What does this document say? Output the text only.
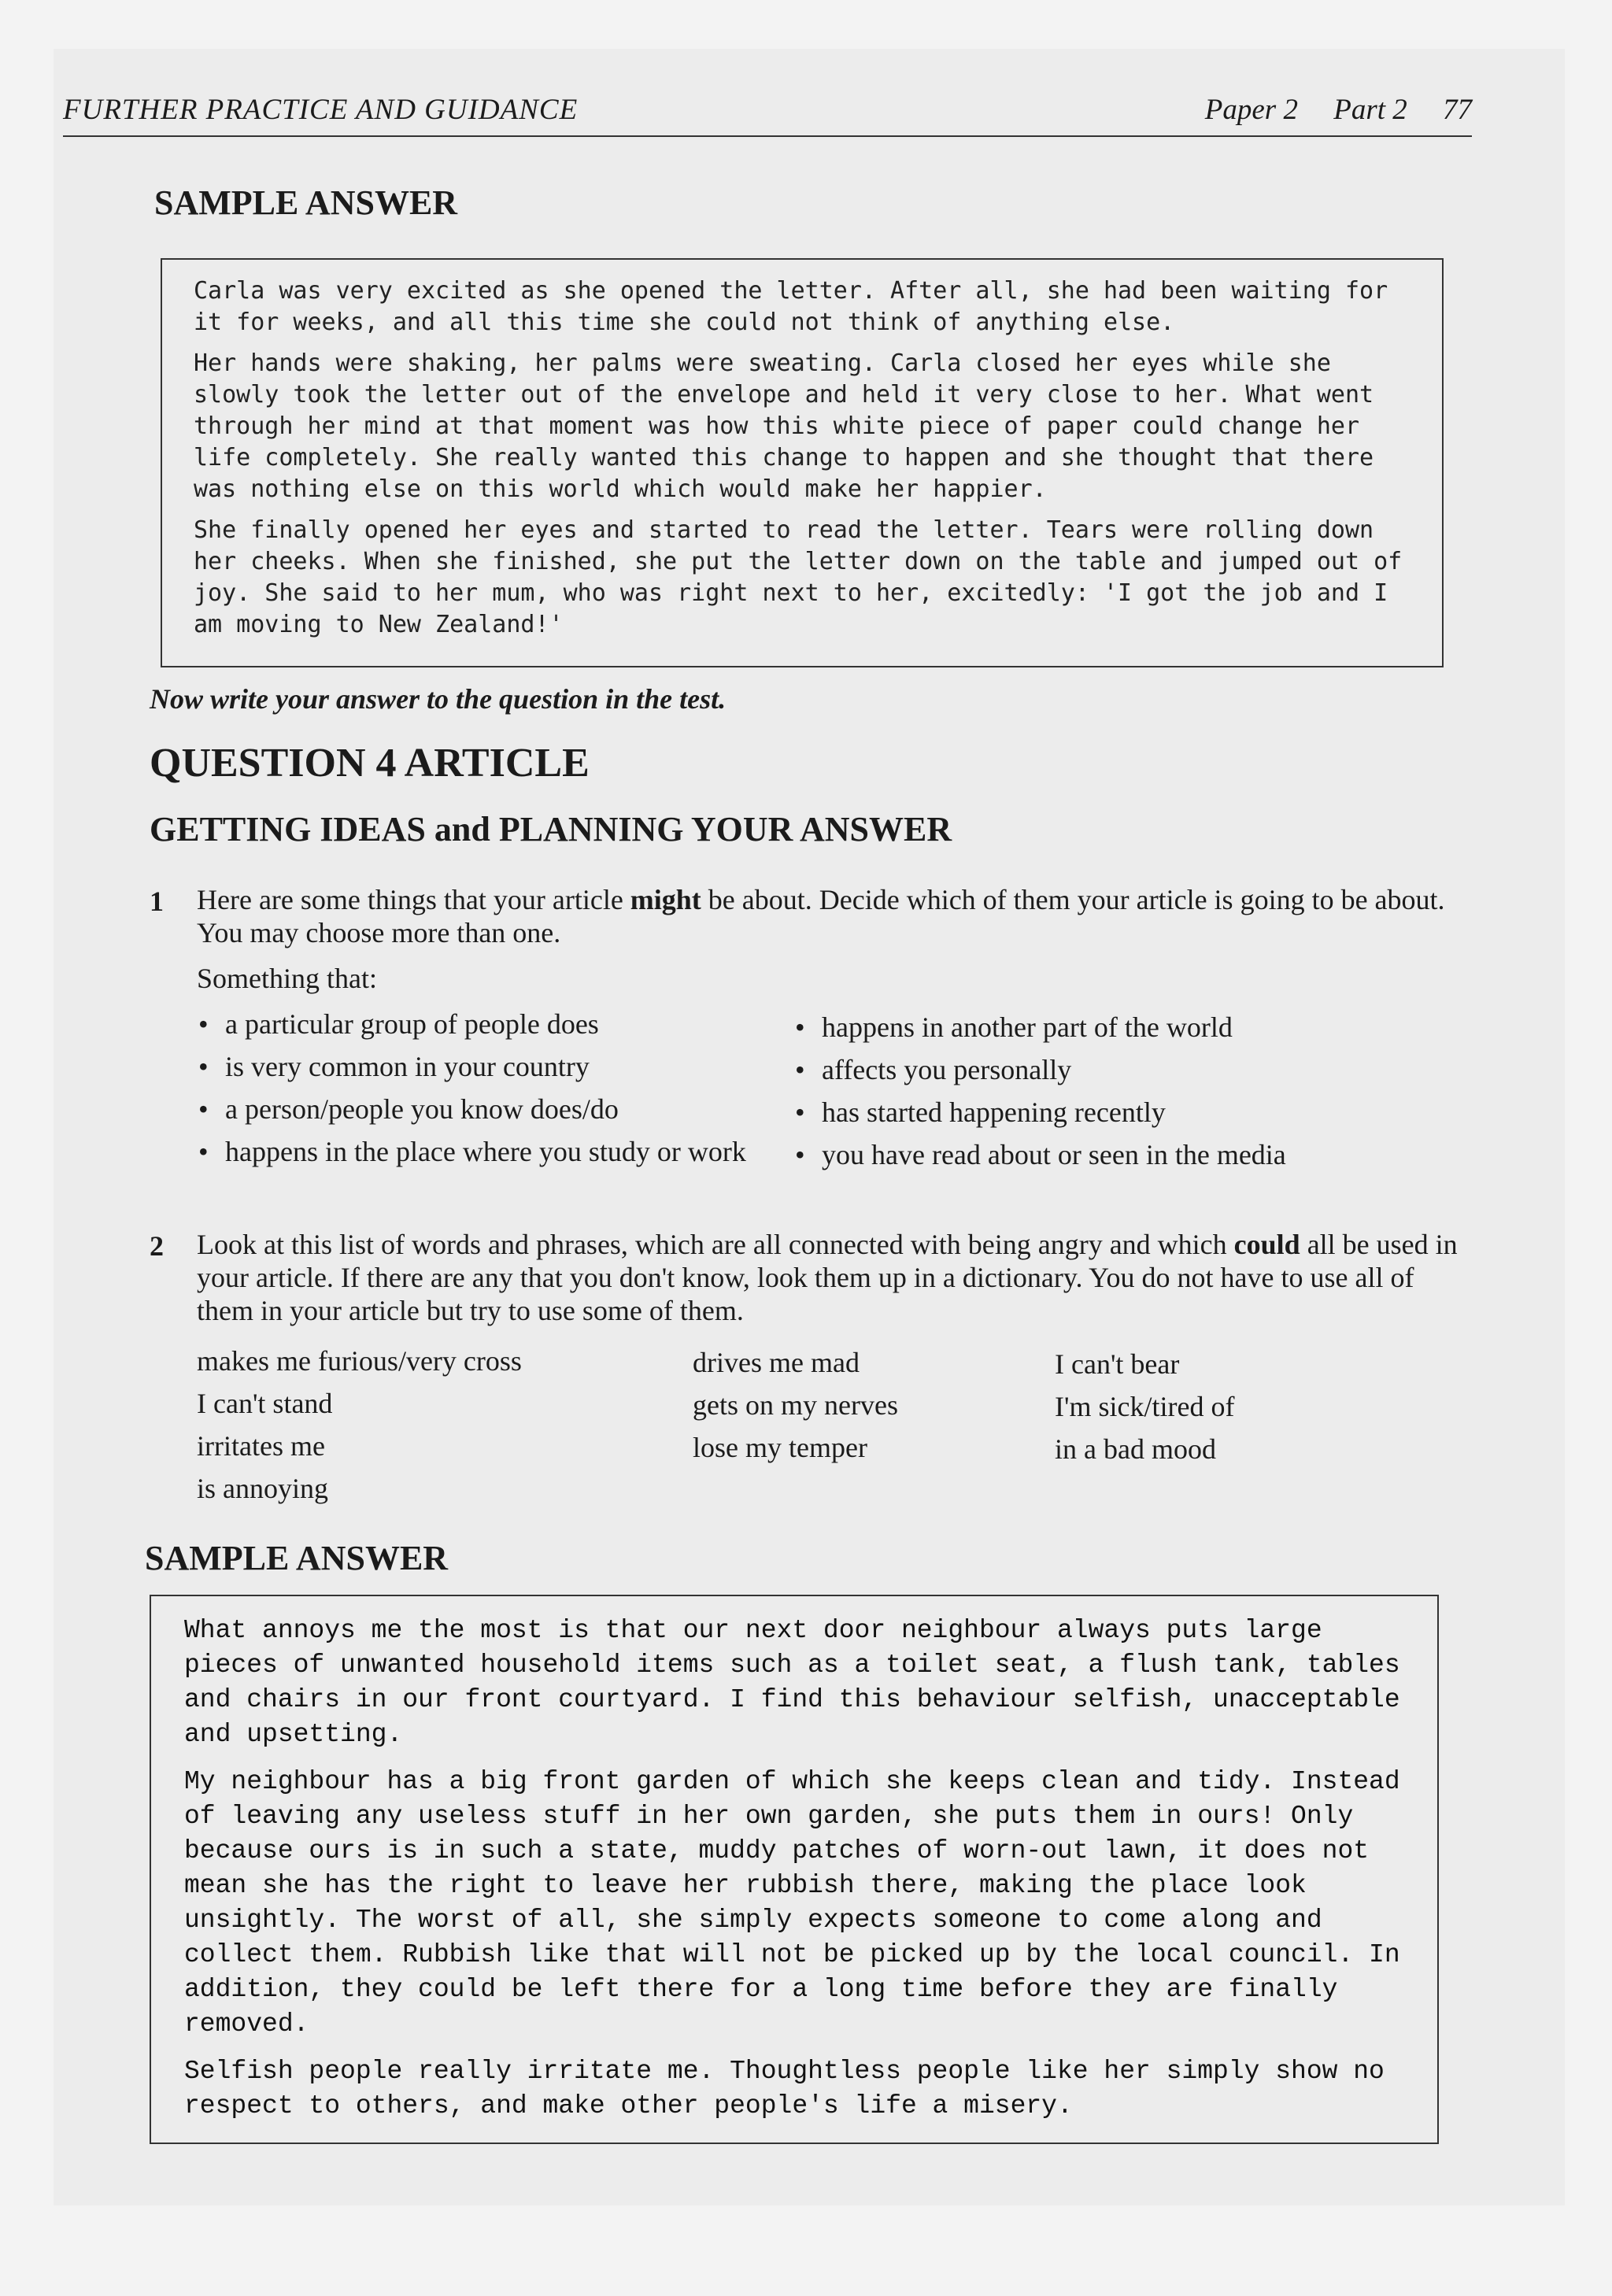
FURTHER PRACTICE AND GUIDANCE	Paper 2 Part 2 77
SAMPLE ANSWER

Carla was very excited as she opened the letter. After all, she had been waiting for it for weeks, and all this time she could not think of anything else.

Her hands were shaking, her palms were sweating. Carla closed her eyes while she slowly took the letter out of the envelope and held it very close to her. What went through her mind at that moment was how this white piece of paper could change her life completely. She really wanted this change to happen and she thought that there was nothing else on this world which would make her happier.

She finally opened her eyes and started to read the letter. Tears were rolling down her cheeks. When she finished, she put the letter down on the table and jumped out of joy. She said to her mum, who was right next to her, excitedly: 'I got the job and I am moving to New Zealand!'

Now write your answer to the question in the test.
QUESTION 4 ARTICLE
GETTING IDEAS and PLANNING YOUR ANSWER
1 Here are some things that your article might be about. Decide which of them your article is going to be about. You may choose more than one.
Something that:
• a particular group of people does
• is very common in your country
• a person/people you know does/do
• happens in the place where you study or work
• happens in another part of the world
• affects you personally
• has started happening recently
• you have read about or seen in the media
2 Look at this list of words and phrases, which are all connected with being angry and which could all be used in your article. If there are any that you don't know, look them up in a dictionary. You do not have to use all of them in your article but try to use some of them.
makes me furious/very cross
I can't stand
irritates me
is annoying
drives me mad
gets on my nerves
lose my temper
I can't bear
I'm sick/tired of
in a bad mood
SAMPLE ANSWER

What annoys me the most is that our next door neighbour always puts large pieces of unwanted household items such as a toilet seat, a flush tank, tables and chairs in our front courtyard. I find this behaviour selfish, unacceptable and upsetting.

My neighbour has a big front garden of which she keeps clean and tidy. Instead of leaving any useless stuff in her own garden, she puts them in ours! Only because ours is in such a state, muddy patches of worn-out lawn, it does not mean she has the right to leave her rubbish there, making the place look unsightly. The worst of all, she simply expects someone to come along and collect them. Rubbish like that will not be picked up by the local council. In addition, they could be left there for a long time before they are finally removed.

Selfish people really irritate me. Thoughtless people like her simply show no respect to others, and make other people's life a misery.
